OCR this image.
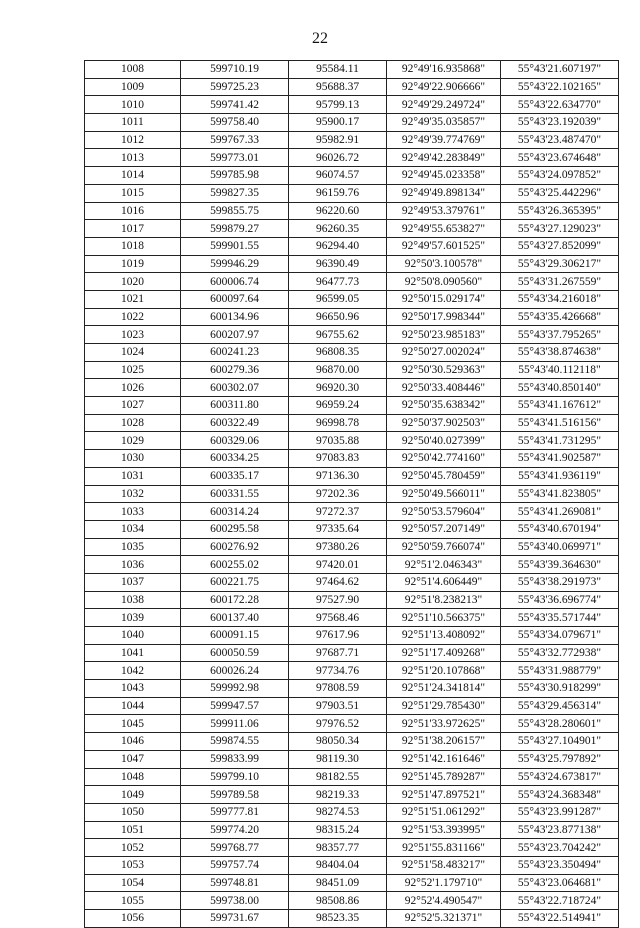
22
1008	599710.19	95584.11	92°49'16.935868"	55°43'21.607197"
1009	599725.23	95688.37	92°49'22.906666"	55°43'22.102165"
1010	599741.42	95799.13	92°49'29.249724"	55°43'22.634770"
1011	599758.40	95900.17	92°49'35.035857"	55°43'23.192039"
1012	599767.33	95982.91	92°49'39.774769"	55°43'23.487470"
1013	599773.01	96026.72	92°49'42.283849"	55°43'23.674648"
1014	599785.98	96074.57	92°49'45.023358"	55°43'24.097852"
1015	599827.35	96159.76	92°49'49.898134"	55°43'25.442296"
1016	599855.75	96220.60	92°49'53.379761"	55°43'26.365395"
1017	599879.27	96260.35	92°49'55.653827"	55°43'27.129023"
1018	599901.55	96294.40	92°49'57.601525"	55°43'27.852099"
1019	599946.29	96390.49	92°50'3.100578"	55°43'29.306217"
1020	600006.74	96477.73	92°50'8.090560"	55°43'31.267559"
1021	600097.64	96599.05	92°50'15.029174"	55°43'34.216018"
1022	600134.96	96650.96	92°50'17.998344"	55°43'35.426668"
1023	600207.97	96755.62	92°50'23.985183"	55°43'37.795265"
1024	600241.23	96808.35	92°50'27.002024"	55°43'38.874638"
1025	600279.36	96870.00	92°50'30.529363"	55°43'40.112118"
1026	600302.07	96920.30	92°50'33.408446"	55°43'40.850140"
1027	600311.80	96959.24	92°50'35.638342"	55°43'41.167612"
1028	600322.49	96998.78	92°50'37.902503"	55°43'41.516156"
1029	600329.06	97035.88	92°50'40.027399"	55°43'41.731295"
1030	600334.25	97083.83	92°50'42.774160"	55°43'41.902587"
1031	600335.17	97136.30	92°50'45.780459"	55°43'41.936119"
1032	600331.55	97202.36	92°50'49.566011"	55°43'41.823805"
1033	600314.24	97272.37	92°50'53.579604"	55°43'41.269081"
1034	600295.58	97335.64	92°50'57.207149"	55°43'40.670194"
1035	600276.92	97380.26	92°50'59.766074"	55°43'40.069971"
1036	600255.02	97420.01	92°51'2.046343"	55°43'39.364630"
1037	600221.75	97464.62	92°51'4.606449"	55°43'38.291973"
1038	600172.28	97527.90	92°51'8.238213"	55°43'36.696774"
1039	600137.40	97568.46	92°51'10.566375"	55°43'35.571744"
1040	600091.15	97617.96	92°51'13.408092"	55°43'34.079671"
1041	600050.59	97687.71	92°51'17.409268"	55°43'32.772938"
1042	600026.24	97734.76	92°51'20.107868"	55°43'31.988779"
1043	599992.98	97808.59	92°51'24.341814"	55°43'30.918299"
1044	599947.57	97903.51	92°51'29.785430"	55°43'29.456314"
1045	599911.06	97976.52	92°51'33.972625"	55°43'28.280601"
1046	599874.55	98050.34	92°51'38.206157"	55°43'27.104901"
1047	599833.99	98119.30	92°51'42.161646"	55°43'25.797892"
1048	599799.10	98182.55	92°51'45.789287"	55°43'24.673817"
1049	599789.58	98219.33	92°51'47.897521"	55°43'24.368348"
1050	599777.81	98274.53	92°51'51.061292"	55°43'23.991287"
1051	599774.20	98315.24	92°51'53.393995"	55°43'23.877138"
1052	599768.77	98357.77	92°51'55.831166"	55°43'23.704242"
1053	599757.74	98404.04	92°51'58.483217"	55°43'23.350494"
1054	599748.81	98451.09	92°52'1.179710"	55°43'23.064681"
1055	599738.00	98508.86	92°52'4.490547"	55°43'22.718724"
1056	599731.67	98523.35	92°52'5.321371"	55°43'22.514941"
